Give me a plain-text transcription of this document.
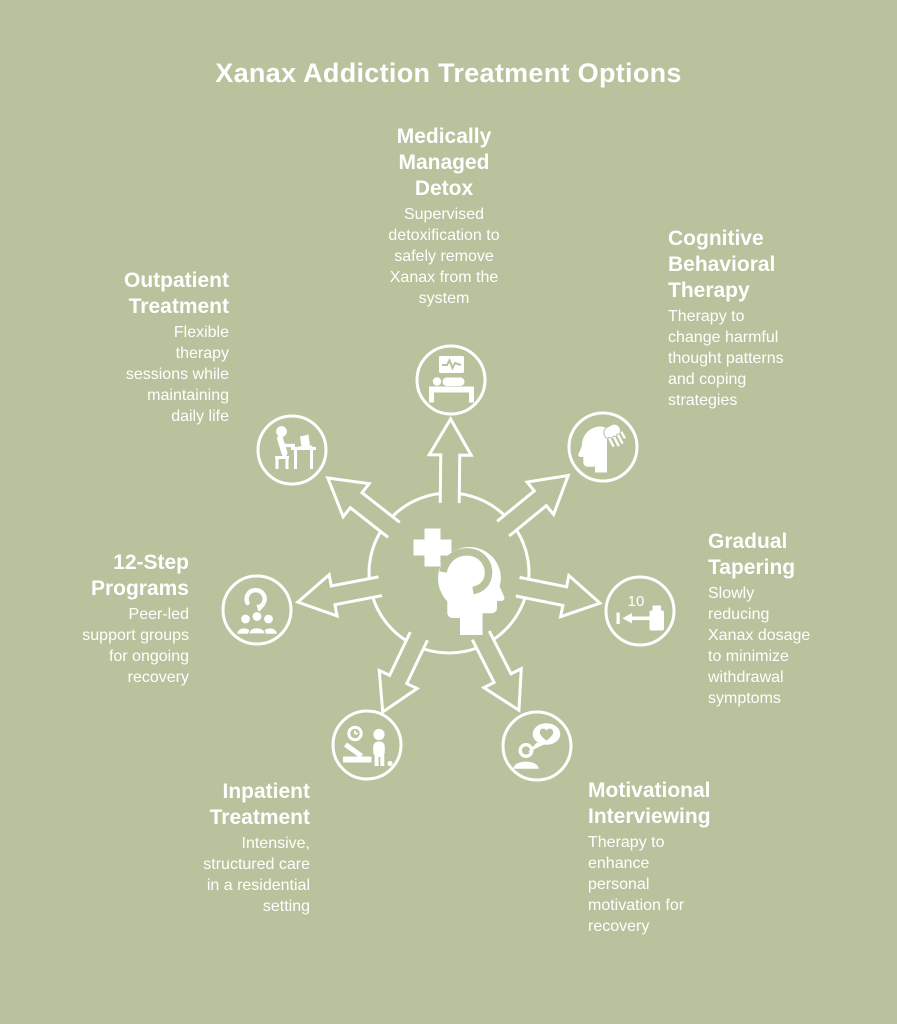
Xanax Addiction Treatment Options
10
Medically Managed Detox
Supervised detoxification to safely remove Xanax from the system
Cognitive Behavioral Therapy
Therapy to change harmful thought patterns and coping strategies
Gradual Tapering
Slowly reducing Xanax dosage to minimize withdrawal symptoms
Motivational Interviewing
Therapy to enhance personal motivation for recovery
Inpatient Treatment
Intensive, structured care in a residential setting
12-Step Programs
Peer-led support groups for ongoing recovery
Outpatient Treatment
Flexible therapy sessions while maintaining daily life
